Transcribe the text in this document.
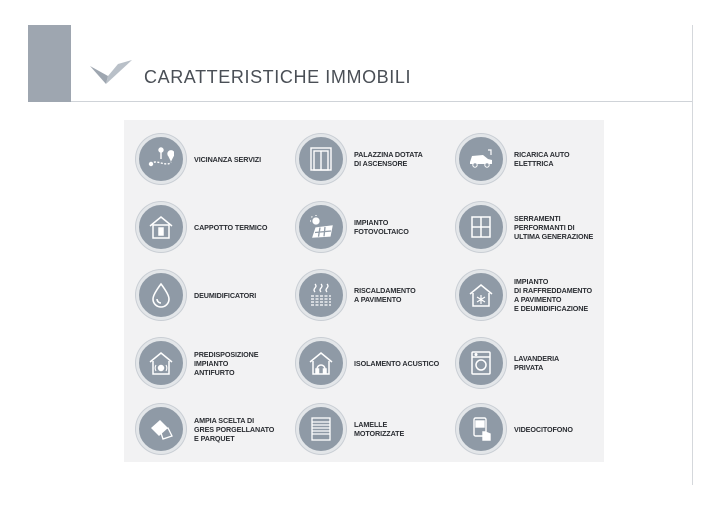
CARATTERISTICHE IMMOBILI
VICINANZA SERVIZI	PALAZZINA DOTATA
DI ASCENSORE
RICARICA AUTO
ELETTRICA
CAPPOTTO TERMICO	IMPIANTO
FOTOVOLTAICO
SERRAMENTI
PERFORMANTI DI
ULTIMA GENERAZIONE
DEUMIDIFICATORI	RISCALDAMENTO
A PAVIMENTO
IMPIANTO
DI RAFFREDDAMENTO
A PAVIMENTO
E DEUMIDIFICAZIONE
PREDISPOSIZIONE
IMPIANTO
ANTIFURTO
ISOLAMENTO ACUSTICO	LAVANDERIA
PRIVATA
AMPIA SCELTA DI
GRES PORGELLANATO
E PARQUET
LAMELLE
MOTORIZZATE	VIDEOCITOFONO
